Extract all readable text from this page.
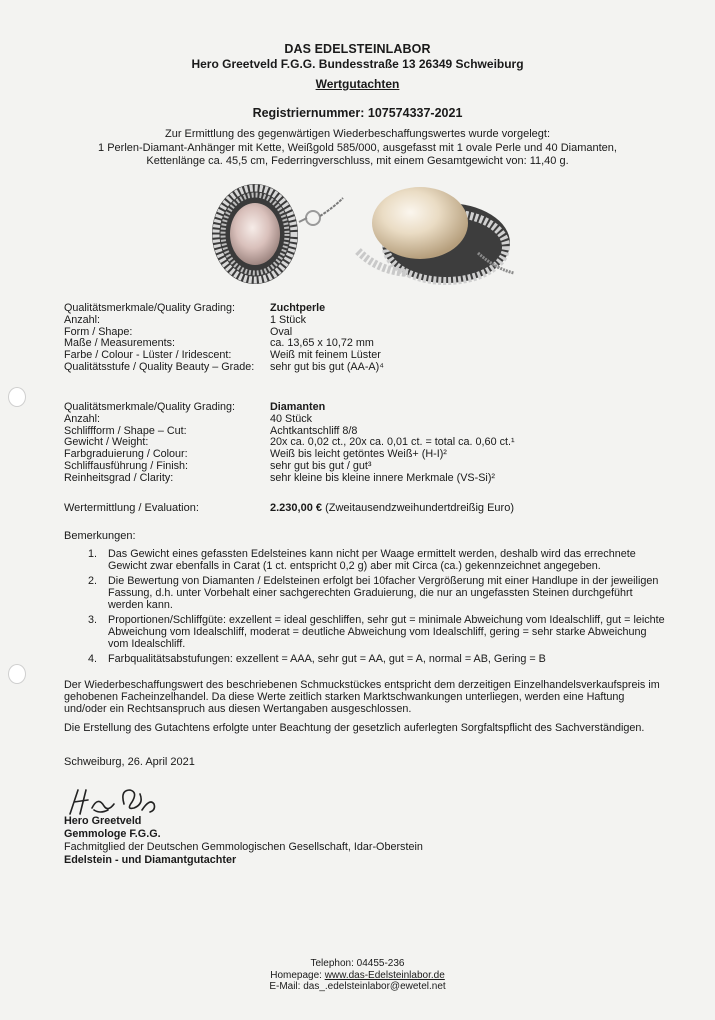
DAS EDELSTEINLABOR
Hero Greetveld F.G.G. Bundesstraße 13 26349 Schweiburg
Wertgutachten
Registriernummer: 107574337-2021
Zur Ermittlung des gegenwärtigen Wiederbeschaffungswertes wurde vorgelegt:
1 Perlen-Diamant-Anhänger mit Kette, Weißgold 585/000, ausgefasst mit 1 ovale Perle und 40 Diamanten,
Kettenlänge ca. 45,5 cm, Federringverschluss, mit einem Gesamtgewicht von: 11,40 g.
Qualitätsmerkmale/Quality Grading:	Zuchtperle
Anzahl:	1 Stück
Form / Shape:	Oval
Maße / Measurements:	ca. 13,65 x 10,72 mm
Farbe / Colour - Lüster / Iridescent:	Weiß mit feinem Lüster
Qualitätsstufe / Quality Beauty – Grade: sehr gut bis gut (AA-A)⁴
Qualitätsmerkmale/Quality Grading:	Diamanten
Anzahl:	40 Stück
Schliffform / Shape – Cut:	Achtkantschliff 8/8
Gewicht / Weight:	20x ca. 0,02 ct., 20x ca. 0,01 ct. = total ca. 0,60 ct.¹
Farbgraduierung / Colour:	Weiß bis leicht getöntes Weiß+ (H-I)²
Schliffausführung / Finish:	sehr gut bis gut / gut³
Reinheitsgrad / Clarity:	sehr kleine bis kleine innere Merkmale (VS-Si)²
Wertermittlung / Evaluation:	2.230,00 € (Zweitausendzweihundertdreißig Euro)
Bemerkungen:
1. Das Gewicht eines gefassten Edelsteines kann nicht per Waage ermittelt werden, deshalb wird das errechnete Gewicht zwar ebenfalls in Carat (1 ct. entspricht 0,2 g) aber mit Circa (ca.) gekennzeichnet angegeben.
2. Die Bewertung von Diamanten / Edelsteinen erfolgt bei 10facher Vergrößerung mit einer Handlupe in der jeweiligen Fassung, d.h. unter Vorbehalt einer sachgerechten Graduierung, die nur an ungefassten Steinen durchgeführt werden kann.
3. Proportionen/Schliffgüte: exzellent = ideal geschliffen, sehr gut = minimale Abweichung vom Idealschliff, gut = leichte Abweichung vom Idealschliff, moderat = deutliche Abweichung vom Idealschliff, gering = sehr starke Abweichung vom Idealschliff.
4. Farbqualitätsabstufungen: exzellent = AAA, sehr gut = AA, gut = A, normal = AB, Gering = B
Der Wiederbeschaffungswert des beschriebenen Schmuckstückes entspricht dem derzeitigen Einzelhandelsverkaufspreis im gehobenen Facheinzelhandel. Da diese Werte zeitlich starken Marktschwankungen unterliegen, werden eine Haftung und/oder ein Rechtsanspruch aus diesen Wertangaben ausgeschlossen.
Die Erstellung des Gutachtens erfolgte unter Beachtung der gesetzlich auferlegten Sorgfaltspflicht des Sachverständigen.
Schweiburg, 26. April 2021
Hero Greetveld
Gemmologe F.G.G.
Fachmitglied der Deutschen Gemmologischen Gesellschaft, Idar-Oberstein
Edelstein - und Diamantgutachter
Telephon: 04455-236
Homepage: www.das-Edelsteinlabor.de
E-Mail: das_.edelsteinlabor@ewetel.net
